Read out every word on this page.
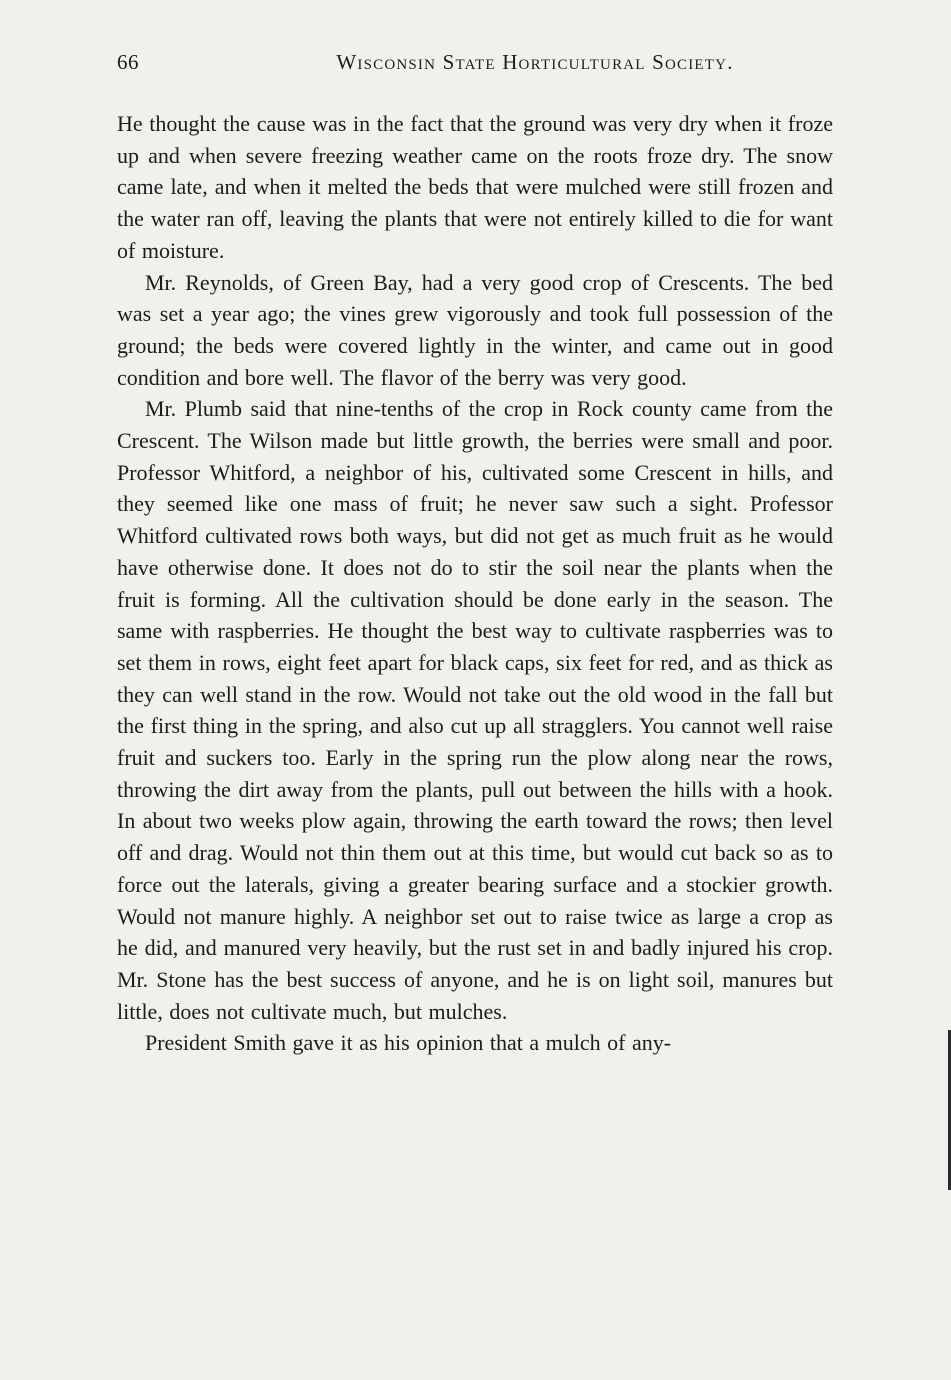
66	Wisconsin State Horticultural Society.

He thought the cause was in the fact that the ground was very dry when it froze up and when severe freezing weather came on the roots froze dry. The snow came late, and when it melted the beds that were mulched were still frozen and the water ran off, leaving the plants that were not entirely killed to die for want of moisture.

Mr. Reynolds, of Green Bay, had a very good crop of Crescents. The bed was set a year ago; the vines grew vigorously and took full possession of the ground; the beds were covered lightly in the winter, and came out in good condition and bore well. The flavor of the berry was very good.

Mr. Plumb said that nine-tenths of the crop in Rock county came from the Crescent. The Wilson made but little growth, the berries were small and poor. Professor Whitford, a neighbor of his, cultivated some Crescent in hills, and they seemed like one mass of fruit; he never saw such a sight. Professor Whitford cultivated rows both ways, but did not get as much fruit as he would have otherwise done. It does not do to stir the soil near the plants when the fruit is forming. All the cultivation should be done early in the season. The same with raspberries. He thought the best way to cultivate raspberries was to set them in rows, eight feet apart for black caps, six feet for red, and as thick as they can well stand in the row. Would not take out the old wood in the fall but the first thing in the spring, and also cut up all stragglers. You cannot well raise fruit and suckers too. Early in the spring run the plow along near the rows, throwing the dirt away from the plants, pull out between the hills with a hook. In about two weeks plow again, throwing the earth toward the rows; then level off and drag. Would not thin them out at this time, but would cut back so as to force out the laterals, giving a greater bearing surface and a stockier growth. Would not manure highly. A neighbor set out to raise twice as large a crop as he did, and manured very heavily, but the rust set in and badly injured his crop. Mr. Stone has the best success of anyone, and he is on light soil, manures but little, does not cultivate much, but mulches.

President Smith gave it as his opinion that a mulch of any-
